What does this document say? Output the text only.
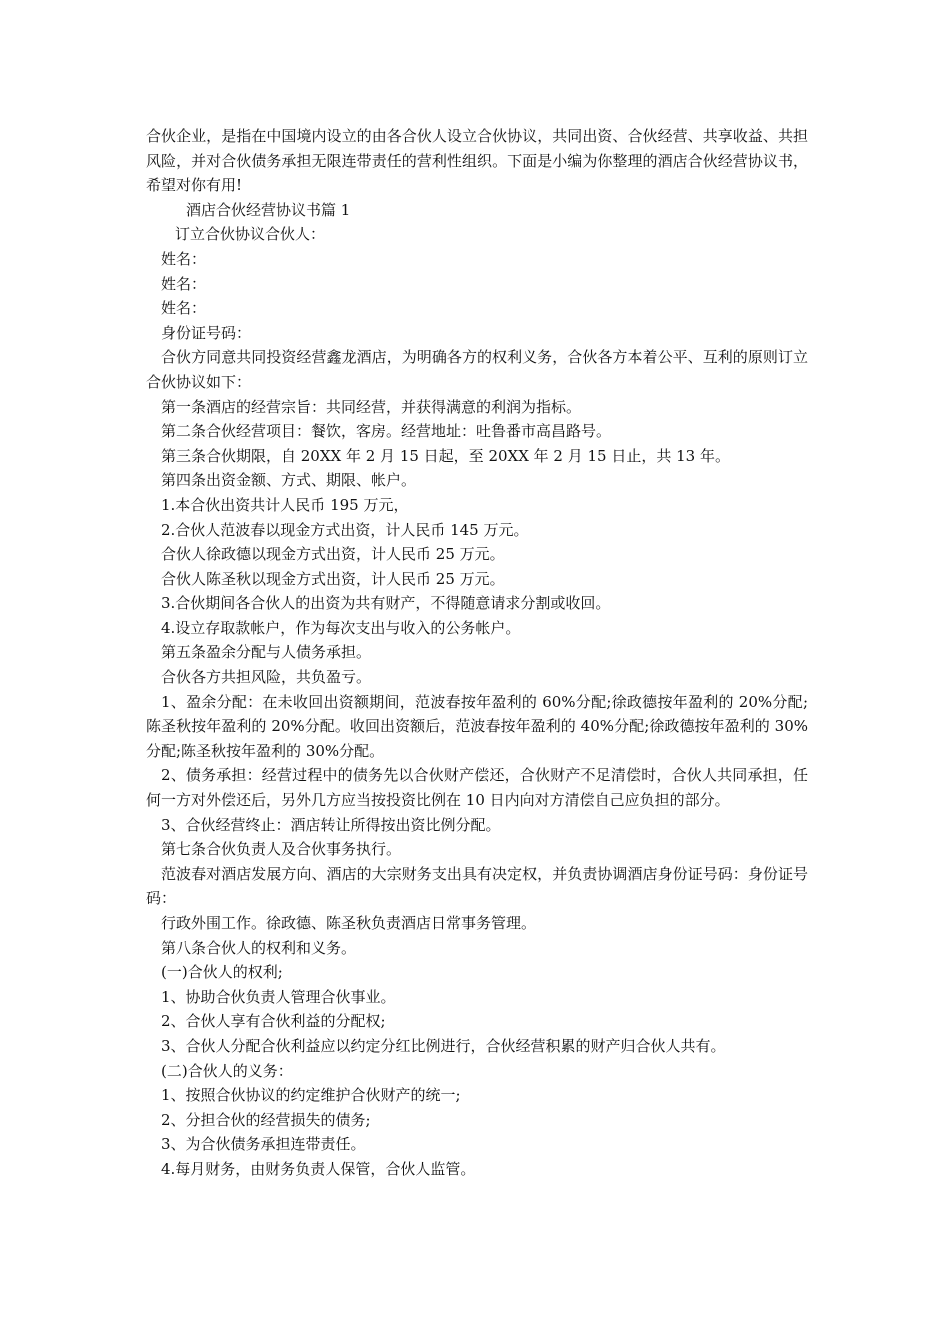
合伙企业，是指在中国境内设立的由各合伙人设立合伙协议，共同出资、合伙经营、共享收益、共担风险，并对合伙债务承担无限连带责任的营利性组织。下面是小编为你整理的酒店合伙经营协议书，希望对你有用!

酒店合伙经营协议书篇 1

订立合伙协议合伙人：

姓名：

姓名：

姓名：

身份证号码：

合伙方同意共同投资经营鑫龙酒店，为明确各方的权利义务，合伙各方本着公平、互利的原则订立合伙协议如下：

第一条酒店的经营宗旨：共同经营，并获得满意的利润为指标。

第二条合伙经营项目：餐饮，客房。经营地址：吐鲁番市高昌路号。

第三条合伙期限，自 20XX 年 2 月 15 日起，至 20XX 年 2 月 15 日止，共 13 年。

第四条出资金额、方式、期限、帐户。

1.本合伙出资共计人民币 195 万元，

2.合伙人范波春以现金方式出资，计人民币 145 万元。

合伙人徐政德以现金方式出资，计人民币 25 万元。

合伙人陈圣秋以现金方式出资，计人民币 25 万元。

3.合伙期间各合伙人的出资为共有财产，不得随意请求分割或收回。

4.设立存取款帐户，作为每次支出与收入的公务帐户。

第五条盈余分配与人债务承担。

合伙各方共担风险，共负盈亏。

1、盈余分配：在未收回出资额期间，范波春按年盈利的 60%分配;徐政德按年盈利的 20%分配;陈圣秋按年盈利的 20%分配。收回出资额后，范波春按年盈利的 40%分配;徐政德按年盈利的 30%分配;陈圣秋按年盈利的 30%分配。

2、债务承担：经营过程中的债务先以合伙财产偿还，合伙财产不足清偿时，合伙人共同承担，任何一方对外偿还后，另外几方应当按投资比例在 10 日内向对方清偿自己应负担的部分。

3、合伙经营终止：酒店转让所得按出资比例分配。

第七条合伙负责人及合伙事务执行。

范波春对酒店发展方向、酒店的大宗财务支出具有决定权，并负责协调酒店身份证号码：身份证号码：

行政外围工作。徐政德、陈圣秋负责酒店日常事务管理。

第八条合伙人的权利和义务。

(一)合伙人的权利;

1、协助合伙负责人管理合伙事业。

2、合伙人享有合伙利益的分配权;

3、合伙人分配合伙利益应以约定分红比例进行，合伙经营积累的财产归合伙人共有。

(二)合伙人的义务：

1、按照合伙协议的约定维护合伙财产的统一;

2、分担合伙的经营损失的债务;

3、为合伙债务承担连带责任。

4.每月财务，由财务负责人保管，合伙人监管。
